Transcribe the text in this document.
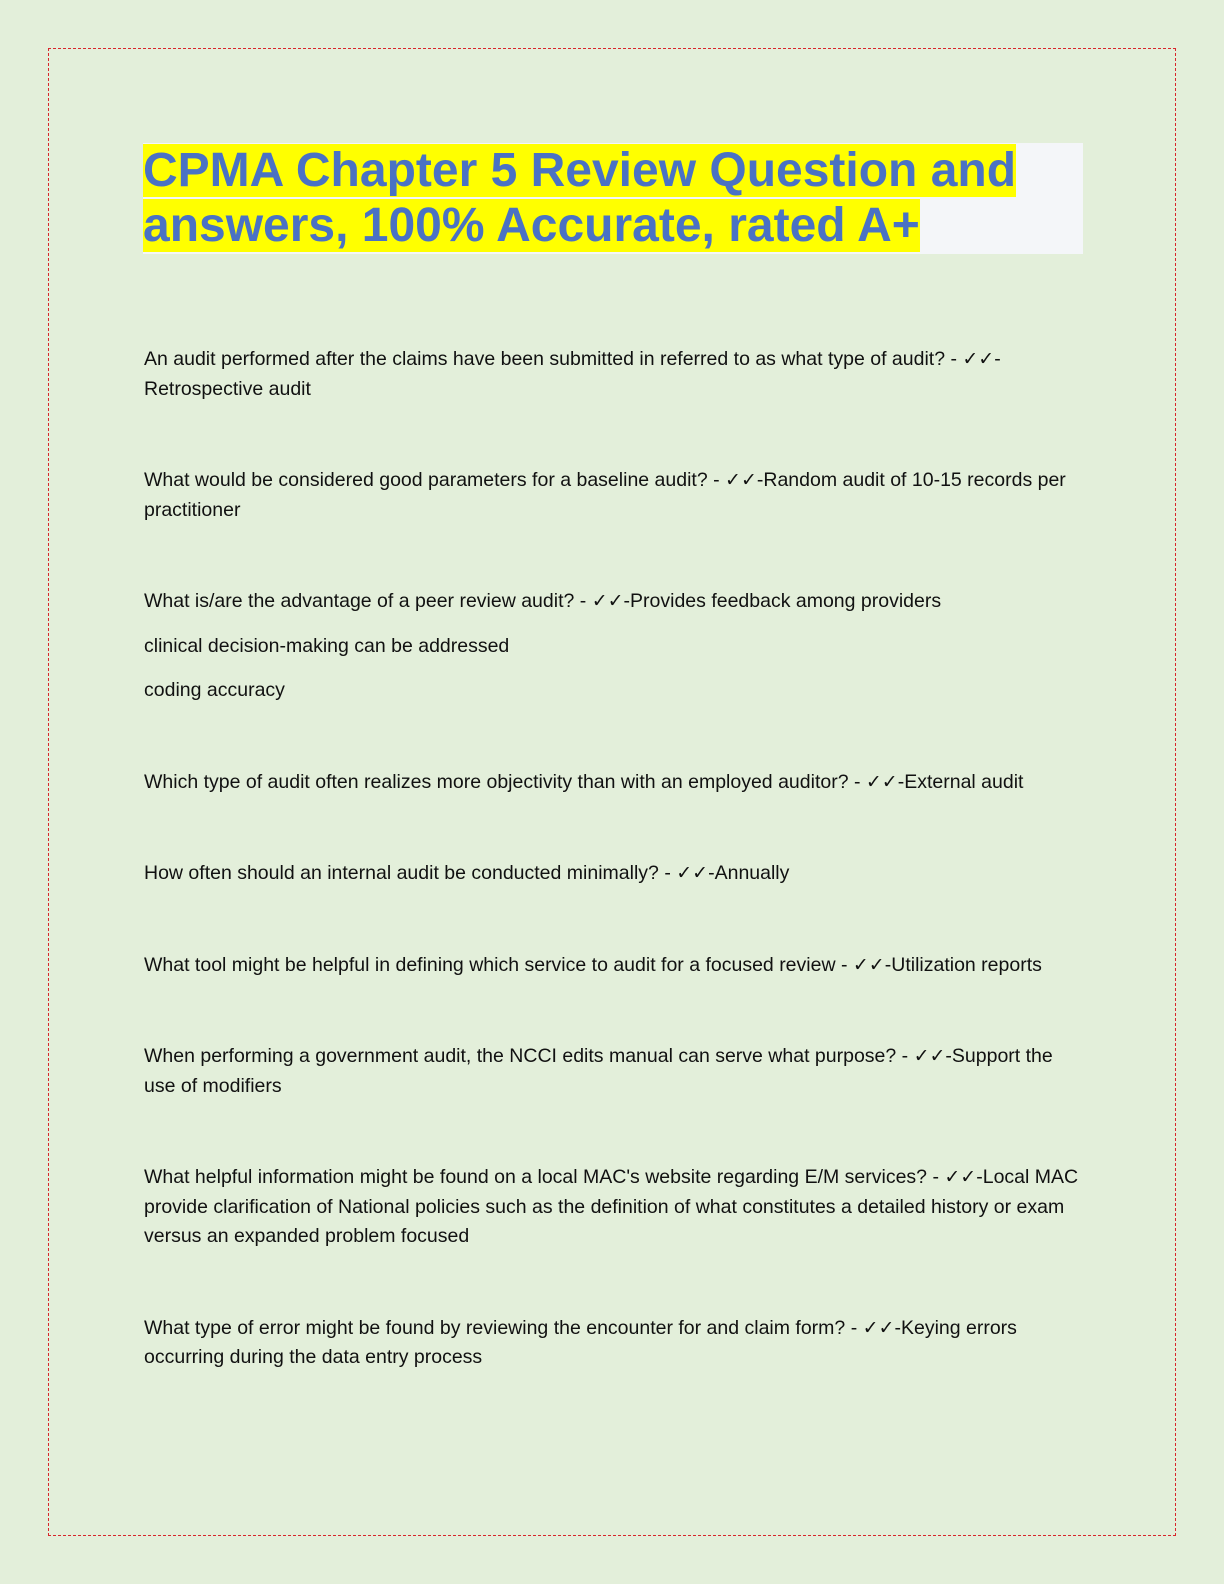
CPMA Chapter 5 Review Question and answers, 100% Accurate, rated A+

An audit performed after the claims have been submitted in referred to as what type of audit? - ✓✓-Retrospective audit

What would be considered good parameters for a baseline audit? - ✓✓-Random audit of 10-15 records per practitioner

What is/are the advantage of a peer review audit? - ✓✓-Provides feedback among providers

clinical decision-making can be addressed

coding accuracy

Which type of audit often realizes more objectivity than with an employed auditor? - ✓✓-External audit

How often should an internal audit be conducted minimally? - ✓✓-Annually

What tool might be helpful in defining which service to audit for a focused review - ✓✓-Utilization reports

When performing a government audit, the NCCI edits manual can serve what purpose? - ✓✓-Support the use of modifiers

What helpful information might be found on a local MAC's website regarding E/M services? - ✓✓-Local MAC provide clarification of National policies such as the definition of what constitutes a detailed history or exam versus an expanded problem focused

What type of error might be found by reviewing the encounter for and claim form? - ✓✓-Keying errors occurring during the data entry process
